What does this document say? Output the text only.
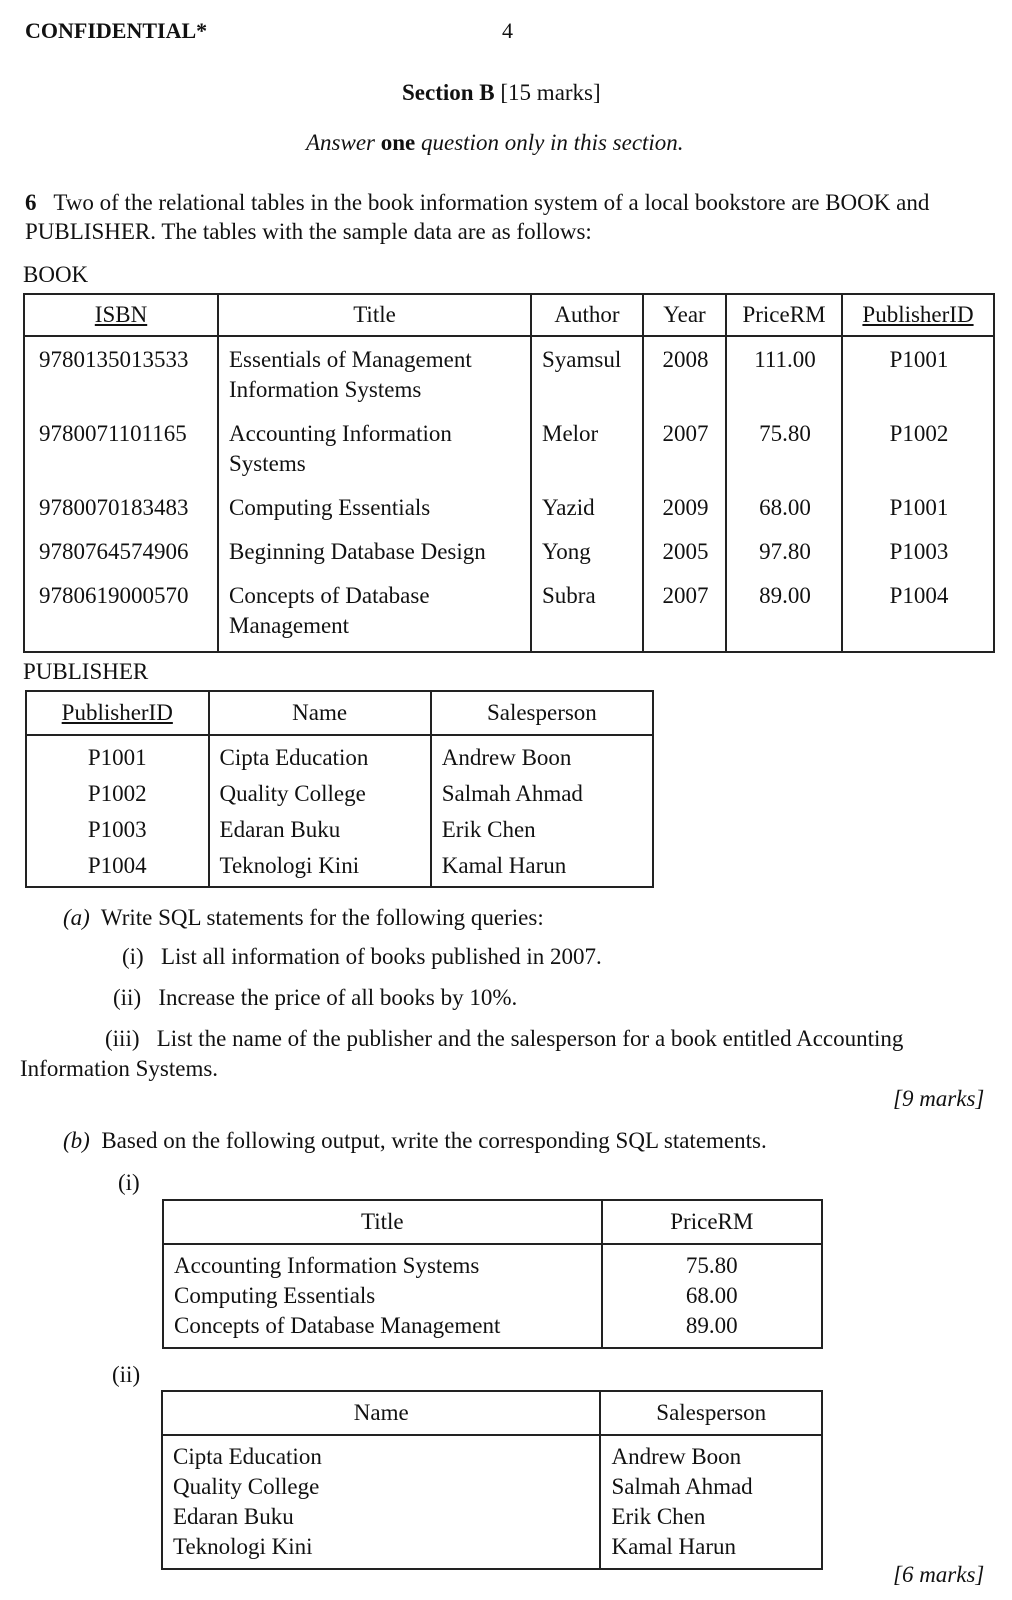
CONFIDENTIAL*	4
Section B [15 marks]
Answer one question only in this section.
6 Two of the relational tables in the book information system of a local bookstore are BOOK and
PUBLISHER. The tables with the sample data are as follows:
BOOK
ISBN	Title	Author	Year	PriceRM	PublisherID
9780135013533	Essentials of Management Information Systems	Syamsul	2008	111.00	P1001
9780071101165	Accounting Information Systems	Melor	2007	75.80	P1002
9780070183483	Computing Essentials	Yazid	2009	68.00	P1001
9780764574906	Beginning Database Design	Yong	2005	97.80	P1003
9780619000570	Concepts of Database Management	Subra	2007	89.00	P1004
PUBLISHER
PublisherID	Name	Salesperson
P1001	Cipta Education	Andrew Boon
P1002	Quality College	Salmah Ahmad
P1003	Edaran Buku	Erik Chen
P1004	Teknologi Kini	Kamal Harun
(a) Write SQL statements for the following queries:
(i) List all information of books published in 2007.
(ii) Increase the price of all books by 10%.
(iii) List the name of the publisher and the salesperson for a book entitled Accounting
Information Systems.
[9 marks]
(b) Based on the following output, write the corresponding SQL statements.
(i)
Title	PriceRM
Accounting Information Systems	75.80
Computing Essentials	68.00
Concepts of Database Management	89.00
(ii)
Name	Salesperson
Cipta Education	Andrew Boon
Quality College	Salmah Ahmad
Edaran Buku	Erik Chen
Teknologi Kini	Kamal Harun
[6 marks]
